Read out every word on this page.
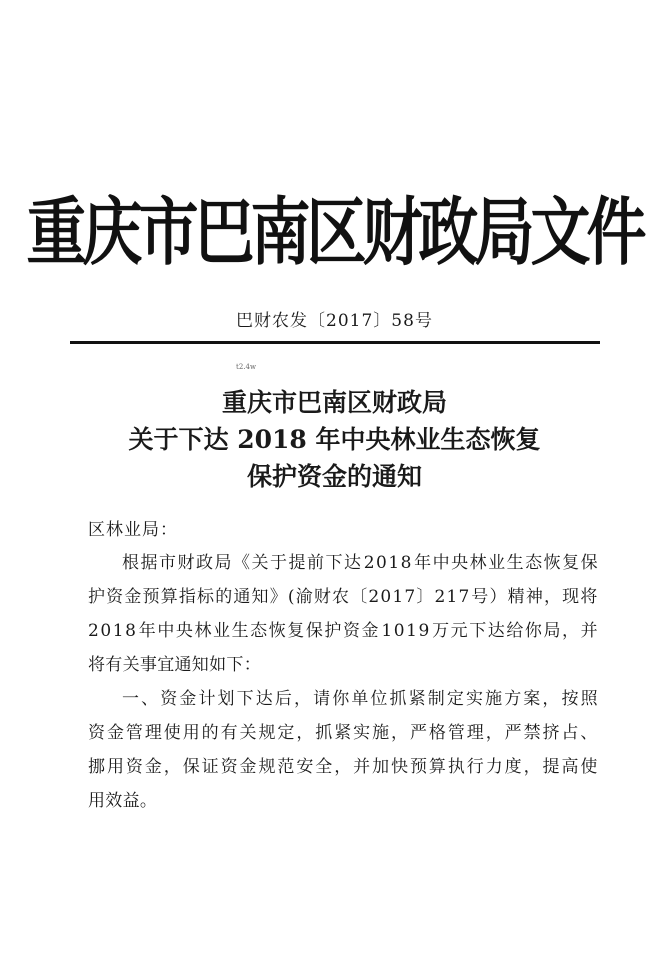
重庆市巴南区财政局文件
巴财农发〔2017〕58号
t2.4w
重庆市巴南区财政局
关于下达 2018 年中央林业生态恢复
保护资金的通知
区林业局：
根 据 市 财 政 局 《 关 于 提 前 下 达 2 0 1 8 年 中 央 林 业 生 态 恢 复 保
护 资 金 预 算 指 标 的 通 知 》 ( 渝 财 农 〔 2 0 1 7 〕 2 1 7 号 ） 精 神 ， 现 将
2 0 1 8 年 中 央 林 业 生 态 恢 复 保 护 资 金 1 0 1 9 万 元 下 达 给 你 局 ， 并
将有关事宜通知如下：
一 、 资 金 计 划 下 达 后 ， 请 你 单 位 抓 紧 制 定 实 施 方 案 ， 按 照
资 金 管 理 使 用 的 有 关 规 定 ， 抓 紧 实 施 ， 严 格 管 理 ， 严 禁 挤 占 、
挪 用 资 金 ， 保 证 资 金 规 范 安 全 ， 并 加 快 预 算 执 行 力 度 ， 提 高 使
用效益。
